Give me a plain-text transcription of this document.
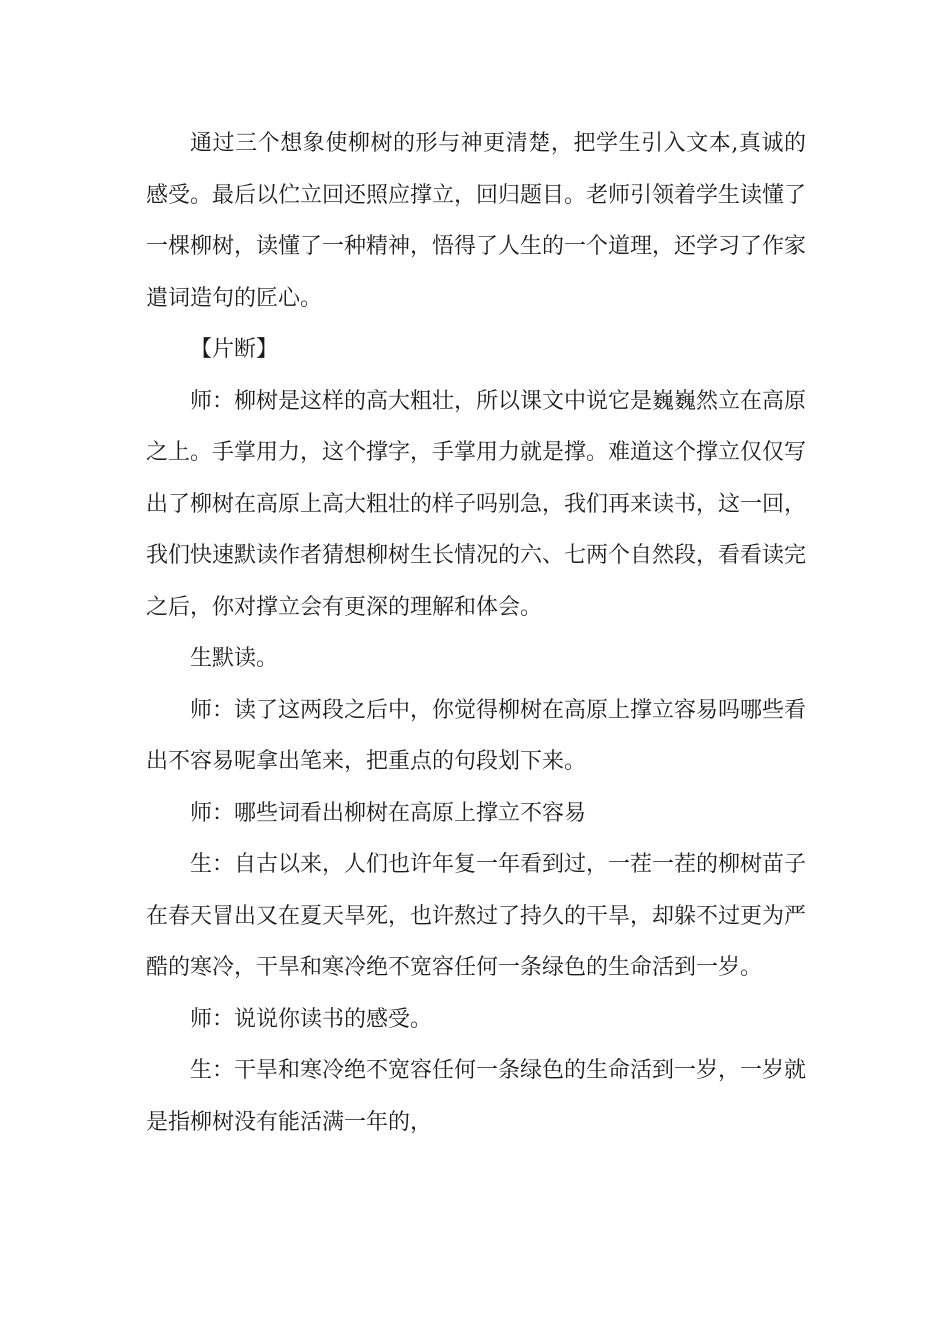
通过三个想象使柳树的形与神更清楚，把学生引入文本,真诚的感受。最后以伫立回还照应撑立，回归题目。老师引领着学生读懂了一棵柳树，读懂了一种精神，悟得了人生的一个道理，还学习了作家遣词造句的匠心。

【片断】

师：柳树是这样的高大粗壮，所以课文中说它是巍巍然立在高原之上。手掌用力，这个撑字，手掌用力就是撑。难道这个撑立仅仅写出了柳树在高原上高大粗壮的样子吗别急，我们再来读书，这一回，我们快速默读作者猜想柳树生长情况的六、七两个自然段，看看读完之后，你对撑立会有更深的理解和体会。

生默读。

师：读了这两段之后中，你觉得柳树在高原上撑立容易吗哪些看出不容易呢拿出笔来，把重点的句段划下来。

师：哪些词看出柳树在高原上撑立不容易

生：自古以来，人们也许年复一年看到过，一茬一茬的柳树苗子在春天冒出又在夏天旱死，也许熬过了持久的干旱，却躲不过更为严酷的寒冷，干旱和寒冷绝不宽容任何一条绿色的生命活到一岁。

师：说说你读书的感受。

生：干旱和寒冷绝不宽容任何一条绿色的生命活到一岁，一岁就是指柳树没有能活满一年的，
